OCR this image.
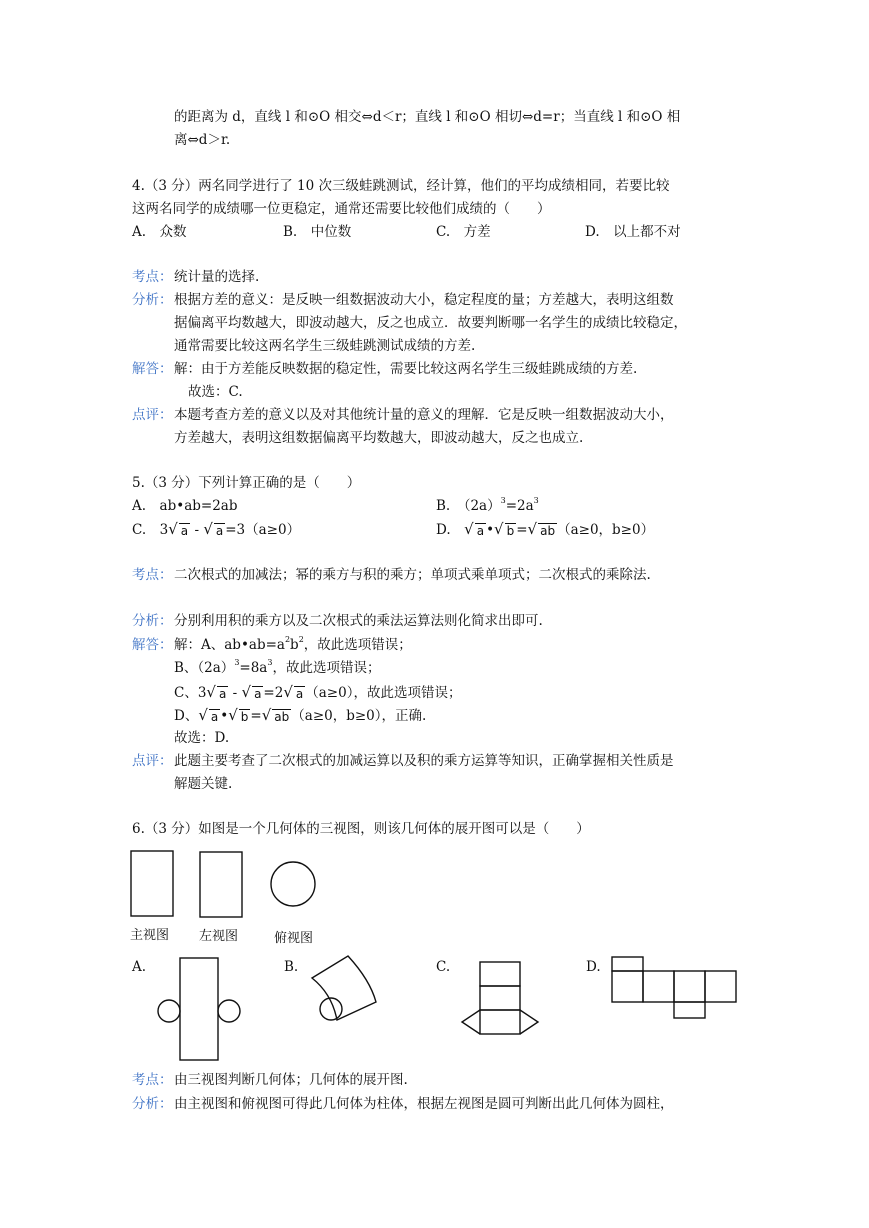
的距离为 d，直线 l 和⊙O 相交⇔d＜r；直线 l 和⊙O 相切⇔d=r；当直线 l 和⊙O 相
离⇔d＞r.
4.（3 分）两名同学进行了 10 次三级蛙跳测试，经计算，他们的平均成绩相同，若要比较
这两名同学的成绩哪一位更稳定，通常还需要比较他们成绩的（　　）
A.　众数	B.　中位数	C.　方差	D.　以上都不对
考点： 统计量的选择.
分析： 根据方差的意义：是反映一组数据波动大小，稳定程度的量；方差越大，表明这组数
据偏离平均数越大，即波动越大，反之也成立．故要判断哪一名学生的成绩比较稳定，
通常需要比较这两名学生三级蛙跳测试成绩的方差.
解答： 解：由于方差能反映数据的稳定性，需要比较这两名学生三级蛙跳成绩的方差.
故选：C.
点评： 本题考查方差的意义以及对其他统计量的意义的理解．它是反映一组数据波动大小，
方差越大，表明这组数据偏离平均数越大，即波动越大，反之也成立.
5.（3 分）下列计算正确的是（　　）
A.　ab•ab=2ab	B.　$(2a)^3=2a^3$
C.　3√ a - √ a =3（a≥0）	D.　√ a •√ b =√ ab （a≥0，b≥0）
考点： 二次根式的加减法；幂的乘方与积的乘方；单项式乘单项式；二次根式的乘除法.
分析： 分别利用积的乘方以及二次根式的乘法运算法则化简求出即可.
解答： 解：A、$ab•ab=a^2b^2$，故此选项错误；
B、$(2a)^3=8a^3$，故此选项错误；
C、3√ a - √ a =2√ a （a≥0），故此选项错误；
D、√ a •√ b =√ ab （a≥0，b≥0），正确.
故选：D.
点评： 此题主要考查了二次根式的加减运算以及积的乘方运算等知识，正确掌握相关性质是
解题关键.
6.（3 分）如图是一个几何体的三视图，则该几何体的展开图可以是（　　）
主视图 左视图	俯视图
A.	B.	C.	D.
考点： 由三视图判断几何体；几何体的展开图.
分析： 由主视图和俯视图可得此几何体为柱体，根据左视图是圆可判断出此几何体为圆柱，
